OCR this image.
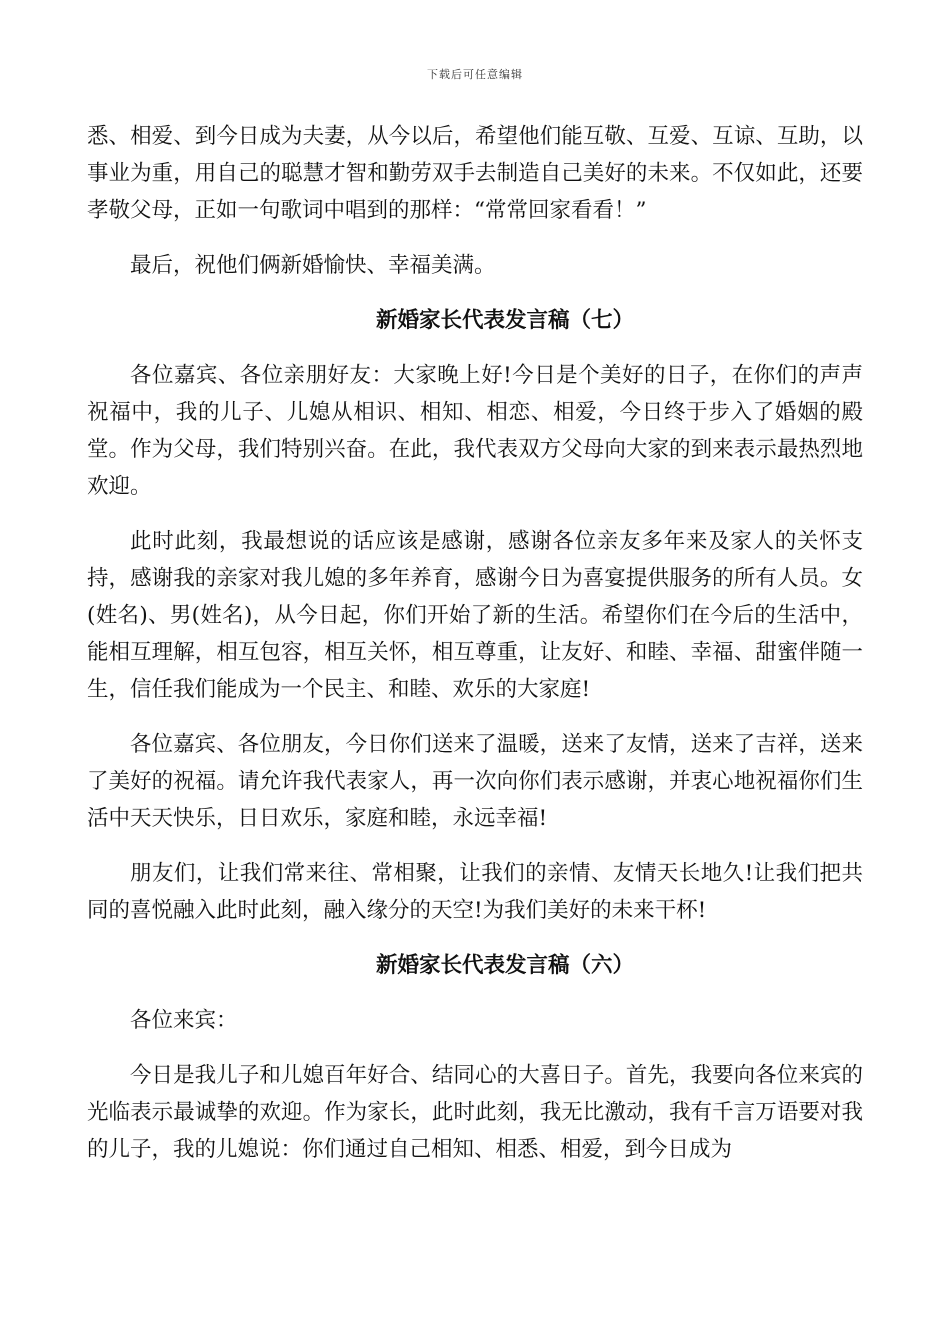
下载后可任意编辑

悉、相爱、到今日成为夫妻，从今以后，希望他们能互敬、互爱、互谅、互助，以事业为重，用自己的聪慧才智和勤劳双手去制造自己美好的未来。不仅如此，还要孝敬父母，正如一句歌词中唱到的那样：“常常回家看看！”

最后，祝他们俩新婚愉快、幸福美满。

新婚家长代表发言稿（七）

各位嘉宾、各位亲朋好友：大家晚上好!今日是个美好的日子，在你们的声声祝福中，我的儿子、儿媳从相识、相知、相恋、相爱，今日终于步入了婚姻的殿堂。作为父母，我们特别兴奋。在此，我代表双方父母向大家的到来表示最热烈地欢迎。

此时此刻，我最想说的话应该是感谢，感谢各位亲友多年来及家人的关怀支持，感谢我的亲家对我儿媳的多年养育，感谢今日为喜宴提供服务的所有人员。女(姓名)、男(姓名)，从今日起，你们开始了新的生活。希望你们在今后的生活中，能相互理解，相互包容，相互关怀，相互尊重，让友好、和睦、幸福、甜蜜伴随一生，信任我们能成为一个民主、和睦、欢乐的大家庭!

各位嘉宾、各位朋友，今日你们送来了温暖，送来了友情，送来了吉祥，送来了美好的祝福。请允许我代表家人，再一次向你们表示感谢，并衷心地祝福你们生活中天天快乐，日日欢乐，家庭和睦，永远幸福!

朋友们，让我们常来往、常相聚，让我们的亲情、友情天长地久!让我们把共同的喜悦融入此时此刻，融入缘分的天空!为我们美好的未来干杯!

新婚家长代表发言稿（六）

各位来宾：

今日是我儿子和儿媳百年好合、结同心的大喜日子。首先，我要向各位来宾的光临表示最诚挚的欢迎。作为家长，此时此刻，我无比激动，我有千言万语要对我的儿子，我的儿媳说：你们通过自己相知、相悉、相爱，到今日成为
